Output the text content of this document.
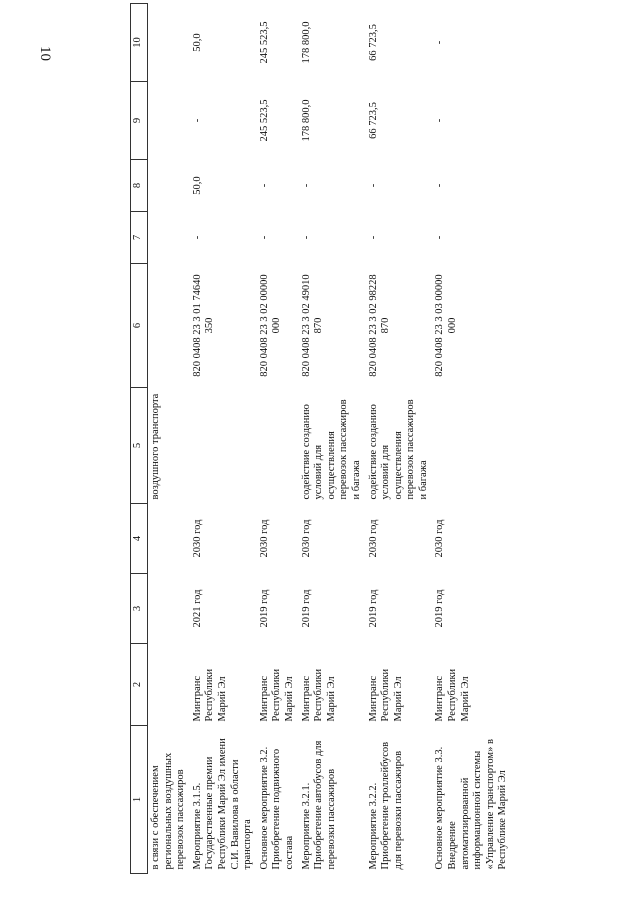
10
1	2	3	4	5	6	7	8	9	10
в связи с обеспечением региональных воздушных перевозок пассажиров				воздушного транспорта					
Мероприятие 3.1.5. Государственные премии Республики Марий Эл имени С.И. Вавилова в области транспорта	Минтранс Республики Марий Эл	2021 год	2030 год		820 0408 23 3 01 74640 350	-	50,0	-	50,0
Основное мероприятие 3.2. Приобретение подвижного состава	Минтранс Республики Марий Эл	2019 год	2030 год		820 0408 23 3 02 00000 000	-	-	245 523,5	245 523,5
Мероприятие 3.2.1. Приобретение автобусов для перевозки пассажиров	Минтранс Республики Марий Эл	2019 год	2030 год	содействие созданию условий для осуществления перевозок пассажиров и багажа	820 0408 23 3 02 49010 870	-	-	178 800,0	178 800,0
Мероприятие 3.2.2. Приобретение троллейбусов для перевозки пассажиров	Минтранс Республики Марий Эл	2019 год	2030 год	содействие созданию условий для осуществления перевозок пассажиров и багажа	820 0408 23 3 02 98228 870	-	-	66 723,5	66 723,5
Основное мероприятие 3.3. Внедрение автоматизированной информационной системы «Управление транспортом» в Республике Марий Эл	Минтранс Республики Марий Эл	2019 год	2030 год		820 0408 23 3 03 00000 000	-	-	-	-
